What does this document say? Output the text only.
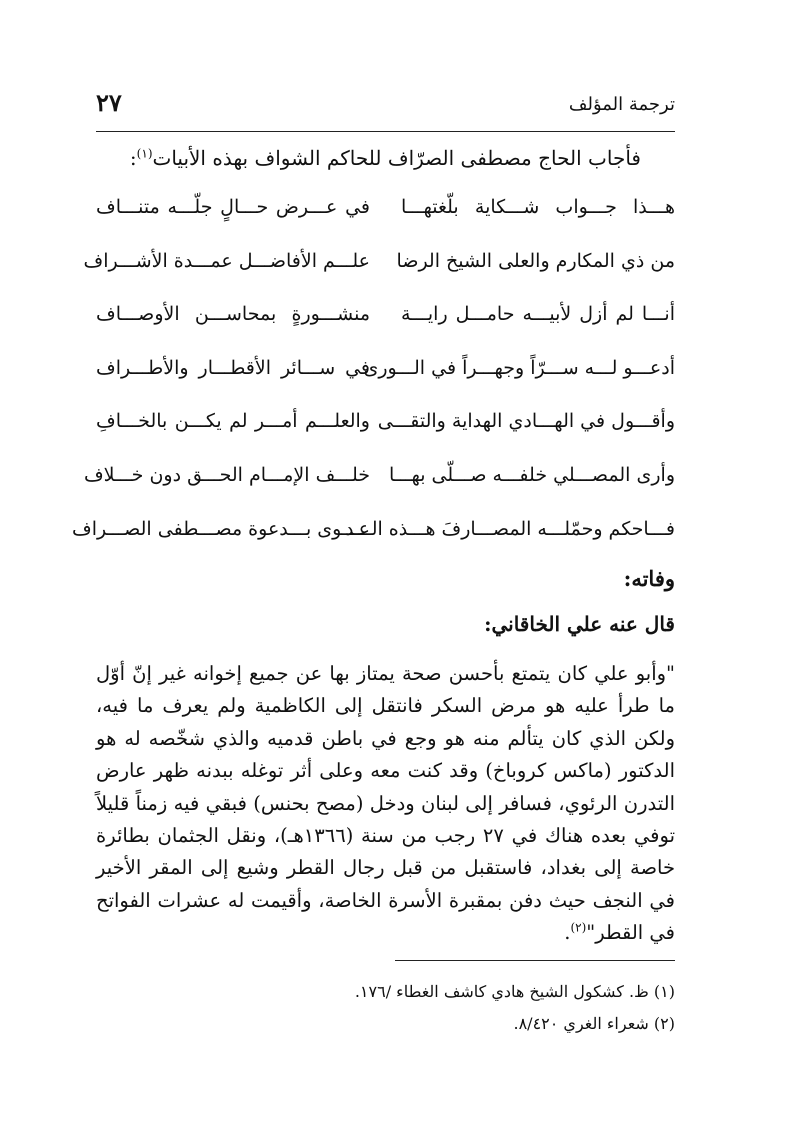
ترجمة المؤلف
٢٧
فأجاب الحاج مصطفى الصرّاف للحاكم الشواف بهذه الأبيات$^{(١)}$:
هـــذا جـــواب شـــكاية بلّغتهـــا
في عـــرض حـــالٍ جلّـــه متنـــاف
من ذي المكارم والعلى الشيخ الرضا
علـــم الأفاضـــل عمـــدة الأشـــراف
أنـــا لم أزل لأبيـــه حامـــل رايـــة
منشـــورةٍ بمحاســـن الأوصـــاف
أدعـــو لـــه ســـرّاً وجهـــراً في الـــورى
في ســـائر الأقطـــار والأطـــراف
وأقـــول في الهـــادي الهداية والتقـــى
والعلـــم أمـــر لم يكـــن بالخـــافِ
وأرى المصـــلي خلفـــه صـــلّى بهـــا
خلـــف الإمـــام الحـــق دون خـــلاف
فـــاحكم وحمّلـــه المصـــارفَ هـــذه الـــد
عـــوى بـــدعوة مصـــطفى الصـــراف
وفاته:
قال عنه علي الخاقاني:

"وأبو علي كان يتمتع بأحسن صحة يمتاز بها عن جميع إخوانه غير إنّ أوّل ما طرأ عليه هو مرض السكر فانتقل إلى الكاظمية ولم يعرف ما فيه، ولكن الذي كان يتألم منه هو وجع في باطن قدميه والذي شخّصه له هو الدكتور (ماكس كروباخ) وقد كنت معه وعلى أثر توغله ببدنه ظهر عارض التدرن الرئوي، فسافر إلى لبنان ودخل (مصح بحنس) فبقي فيه زمناً قليلاً توفي بعده هناك في ٢٧ رجب من سنة (١٣٦٦هـ)، ونقل الجثمان بطائرة خاصة إلى بغداد، فاستقبل من قبل رجال القطر وشيع إلى المقر الأخير في النجف حيث دفن بمقبرة الأسرة الخاصة، وأقيمت له عشرات الفواتح في القطر"$^{(٢)}$.

(١) ظ. كشكول الشيخ هادي كاشف الغطاء /١٧٦.
(٢) شعراء الغري ٨/٤٢٠.
